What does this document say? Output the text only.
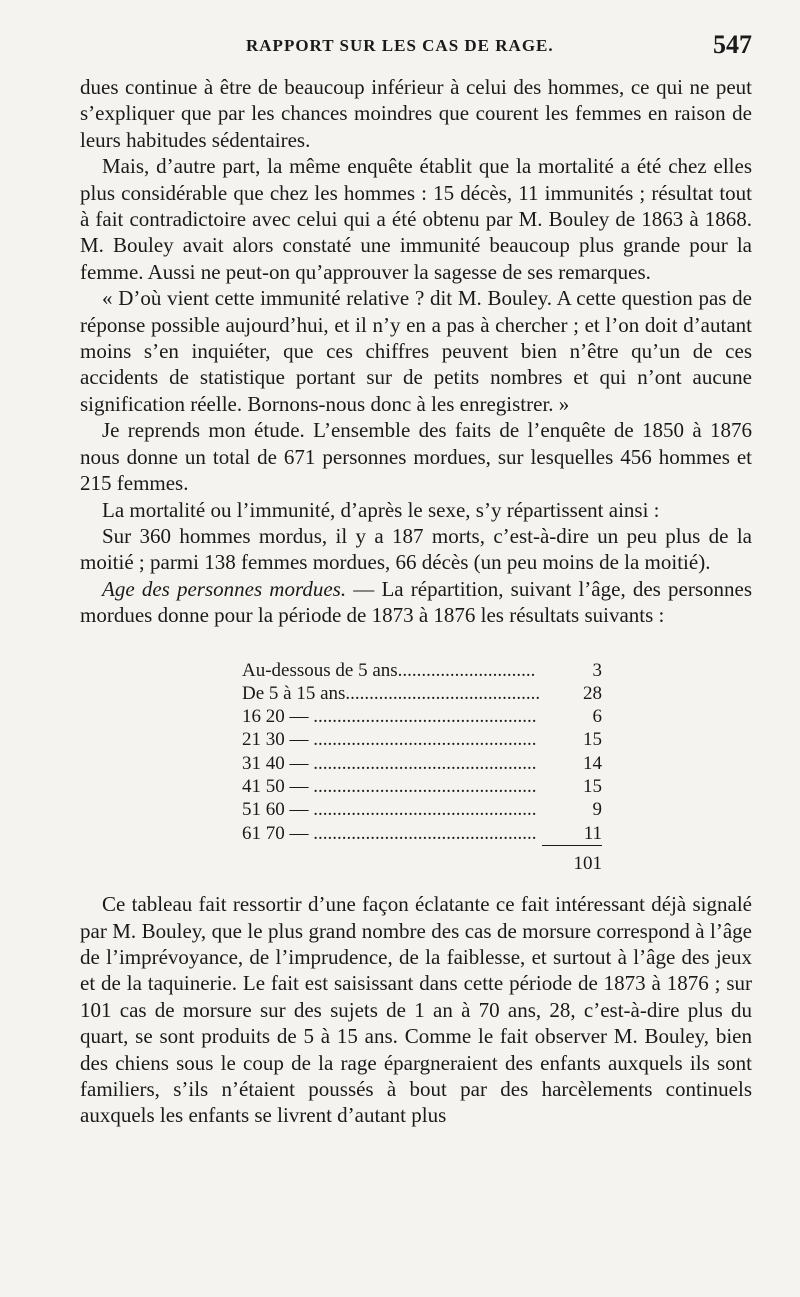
RAPPORT SUR LES CAS DE RAGE.	547

dues continue à être de beaucoup inférieur à celui des hommes, ce qui ne peut s’expliquer que par les chances moindres que courent les femmes en raison de leurs habitudes sédentaires.

Mais, d’autre part, la même enquête établit que la mortalité a été chez elles plus considérable que chez les hommes : 15 décès, 11 immunités ; résultat tout à fait contradictoire avec celui qui a été obtenu par M. Bouley de 1863 à 1868. M. Bouley avait alors constaté une immunité beaucoup plus grande pour la femme. Aussi ne peut-on qu’approuver la sagesse de ses remarques.

« D’où vient cette immunité relative ? dit M. Bouley. A cette question pas de réponse possible aujourd’hui, et il n’y en a pas à chercher ; et l’on doit d’autant moins s’en inquiéter, que ces chiffres peuvent bien n’être qu’un de ces accidents de statistique portant sur de petits nombres et qui n’ont aucune signification réelle. Bornons-nous donc à les enregistrer. »

Je reprends mon étude. L’ensemble des faits de l’enquête de 1850 à 1876 nous donne un total de 671 personnes mordues, sur lesquelles 456 hommes et 215 femmes.

La mortalité ou l’immunité, d’après le sexe, s’y répartissent ainsi :

Sur 360 hommes mordus, il y a 187 morts, c’est-à-dire un peu plus de la moitié ; parmi 138 femmes mordues, 66 décès (un peu moins de la moitié).

Age des personnes mordues. — La répartition, suivant l’âge, des personnes mordues donne pour la période de 1873 à 1876 les résultats suivants :

Au-dessous de 5 ans.............................	3
De 5 à 15 ans.........................................	28
16 20 — ...............................................	6
21 30 — ...............................................	15
31 40 — ...............................................	14
41 50 — ...............................................	15
51 60 — ...............................................	9
61 70 — ...............................................	11
	101

Ce tableau fait ressortir d’une façon éclatante ce fait intéressant déjà signalé par M. Bouley, que le plus grand nombre des cas de morsure correspond à l’âge de l’imprévoyance, de l’imprudence, de la faiblesse, et surtout à l’âge des jeux et de la taquinerie. Le fait est saisissant dans cette période de 1873 à 1876 ; sur 101 cas de morsure sur des sujets de 1 an à 70 ans, 28, c’est-à-dire plus du quart, se sont produits de 5 à 15 ans. Comme le fait observer M. Bouley, bien des chiens sous le coup de la rage épargneraient des enfants auxquels ils sont familiers, s’ils n’étaient poussés à bout par des harcèlements continuels auxquels les enfants se livrent d’autant plus
